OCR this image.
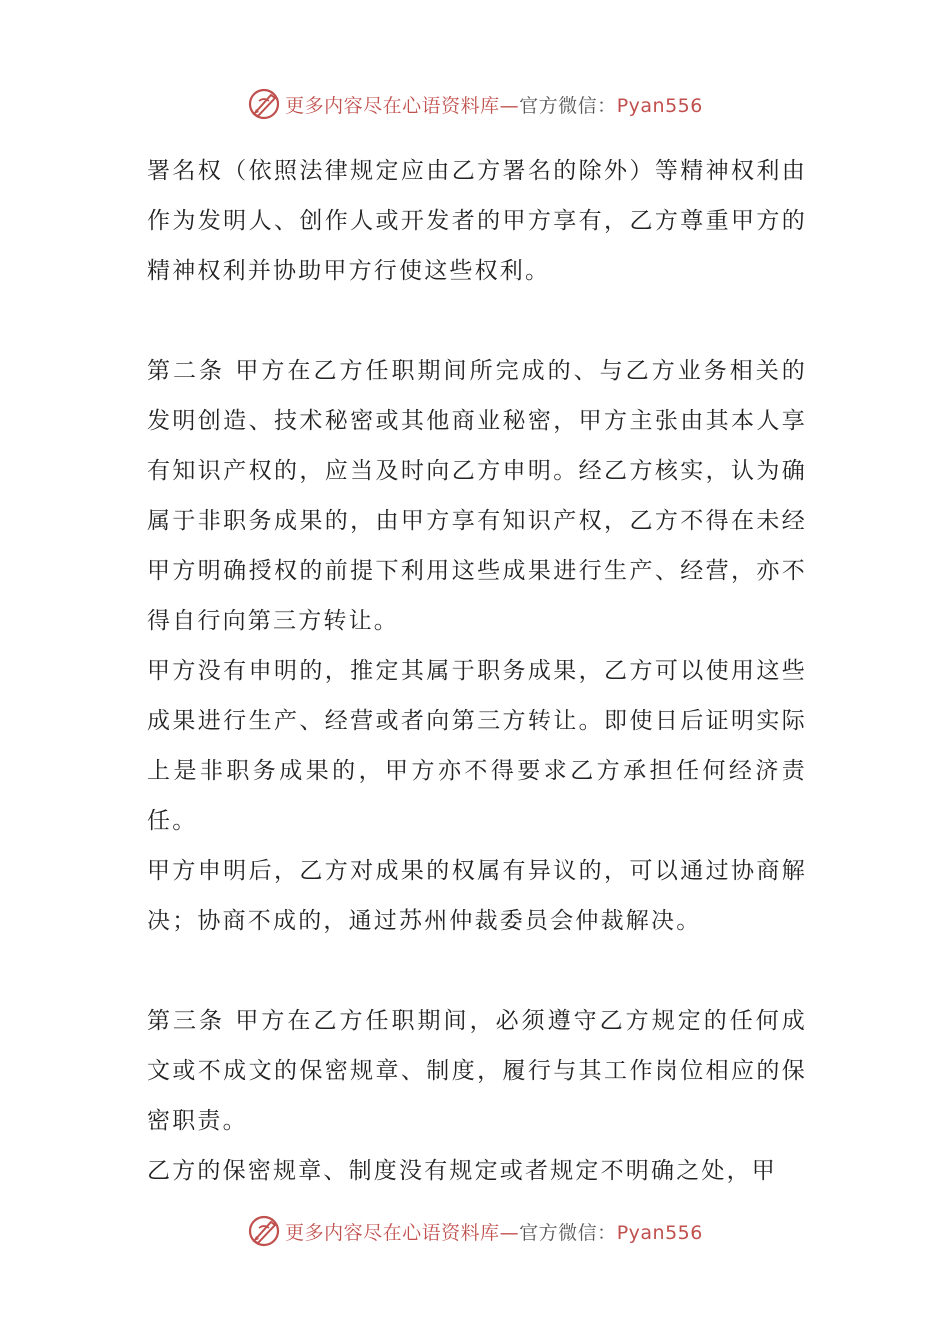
更多内容尽在心语资料库—官方微信：Pyan556

署名权（依照法律规定应由乙方署名的除外）等精神权利由作为发明人、创作人或开发者的甲方享有，乙方尊重甲方的精神权利并协助甲方行使这些权利。

第二条 甲方在乙方任职期间所完成的、与乙方业务相关的发明创造、技术秘密或其他商业秘密，甲方主张由其本人享有知识产权的，应当及时向乙方申明。经乙方核实，认为确属于非职务成果的，由甲方享有知识产权，乙方不得在未经甲方明确授权的前提下利用这些成果进行生产、经营，亦不得自行向第三方转让。

甲方没有申明的，推定其属于职务成果，乙方可以使用这些成果进行生产、经营或者向第三方转让。即使日后证明实际上是非职务成果的，甲方亦不得要求乙方承担任何经济责任。

甲方申明后，乙方对成果的权属有异议的，可以通过协商解决；协商不成的，通过苏州仲裁委员会仲裁解决。

第三条 甲方在乙方任职期间，必须遵守乙方规定的任何成文或不成文的保密规章、制度，履行与其工作岗位相应的保密职责。

乙方的保密规章、制度没有规定或者规定不明确之处，甲

更多内容尽在心语资料库—官方微信：Pyan556
